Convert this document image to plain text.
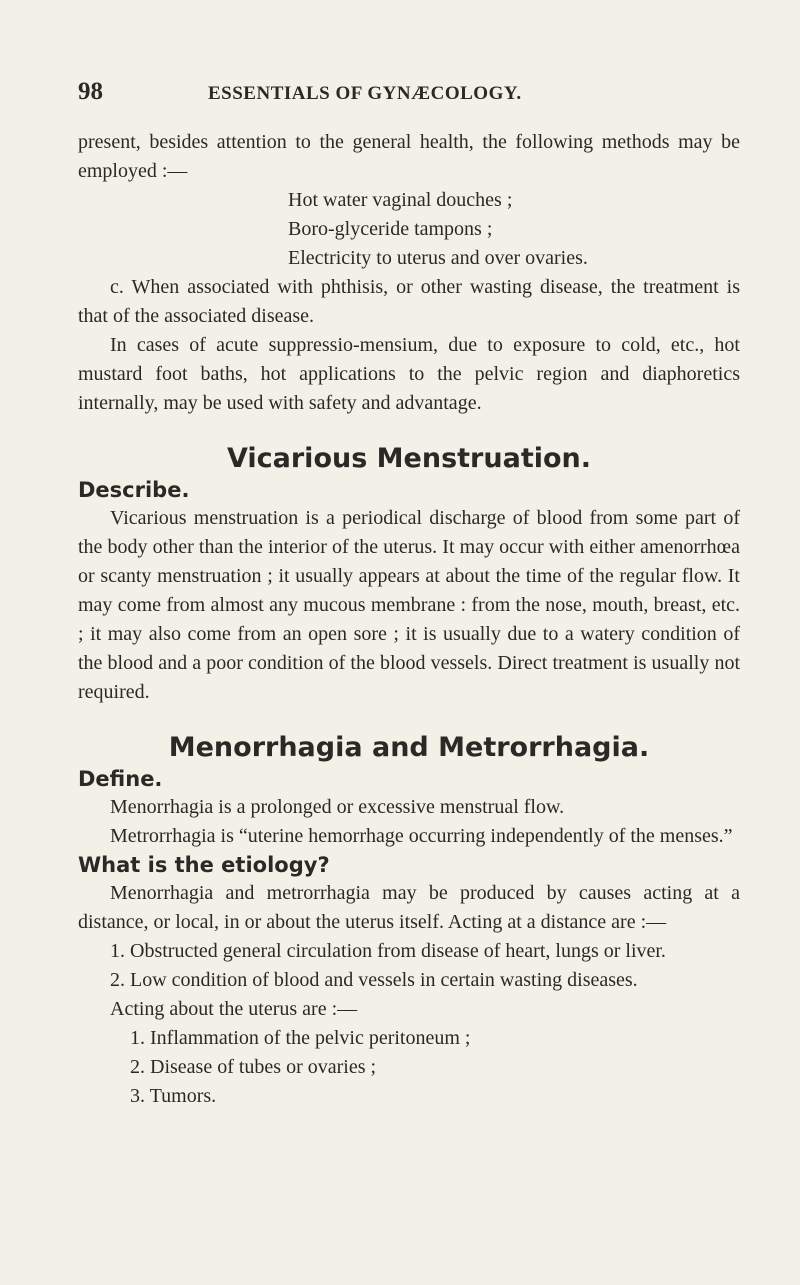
98	ESSENTIALS OF GYNÆCOLOGY.

present, besides attention to the general health, the following methods may be employed :—

Hot water vaginal douches ;
Boro-glyceride tampons ;
Electricity to uterus and over ovaries.

c. When associated with phthisis, or other wasting disease, the treatment is that of the associated disease.

In cases of acute suppressio-mensium, due to exposure to cold, etc., hot mustard foot baths, hot applications to the pelvic region and diaphoretics internally, may be used with safety and advantage.

Vicarious Menstruation.
Describe.

Vicarious menstruation is a periodical discharge of blood from some part of the body other than the interior of the uterus. It may occur with either amenorrhœa or scanty menstruation ; it usually appears at about the time of the regular flow. It may come from almost any mucous membrane : from the nose, mouth, breast, etc. ; it may also come from an open sore ; it is usually due to a watery condition of the blood and a poor condition of the blood vessels. Direct treatment is usually not required.

Menorrhagia and Metrorrhagia.
Define.

Menorrhagia is a prolonged or excessive menstrual flow.

Metrorrhagia is “uterine hemorrhage occurring independently of the menses.”

What is the etiology?

Menorrhagia and metrorrhagia may be produced by causes acting at a distance, or local, in or about the uterus itself. Acting at a distance are :—

1. Obstructed general circulation from disease of heart, lungs or liver.

2. Low condition of blood and vessels in certain wasting diseases.

Acting about the uterus are :—
1. Inflammation of the pelvic peritoneum ;
2. Disease of tubes or ovaries ;
3. Tumors.
